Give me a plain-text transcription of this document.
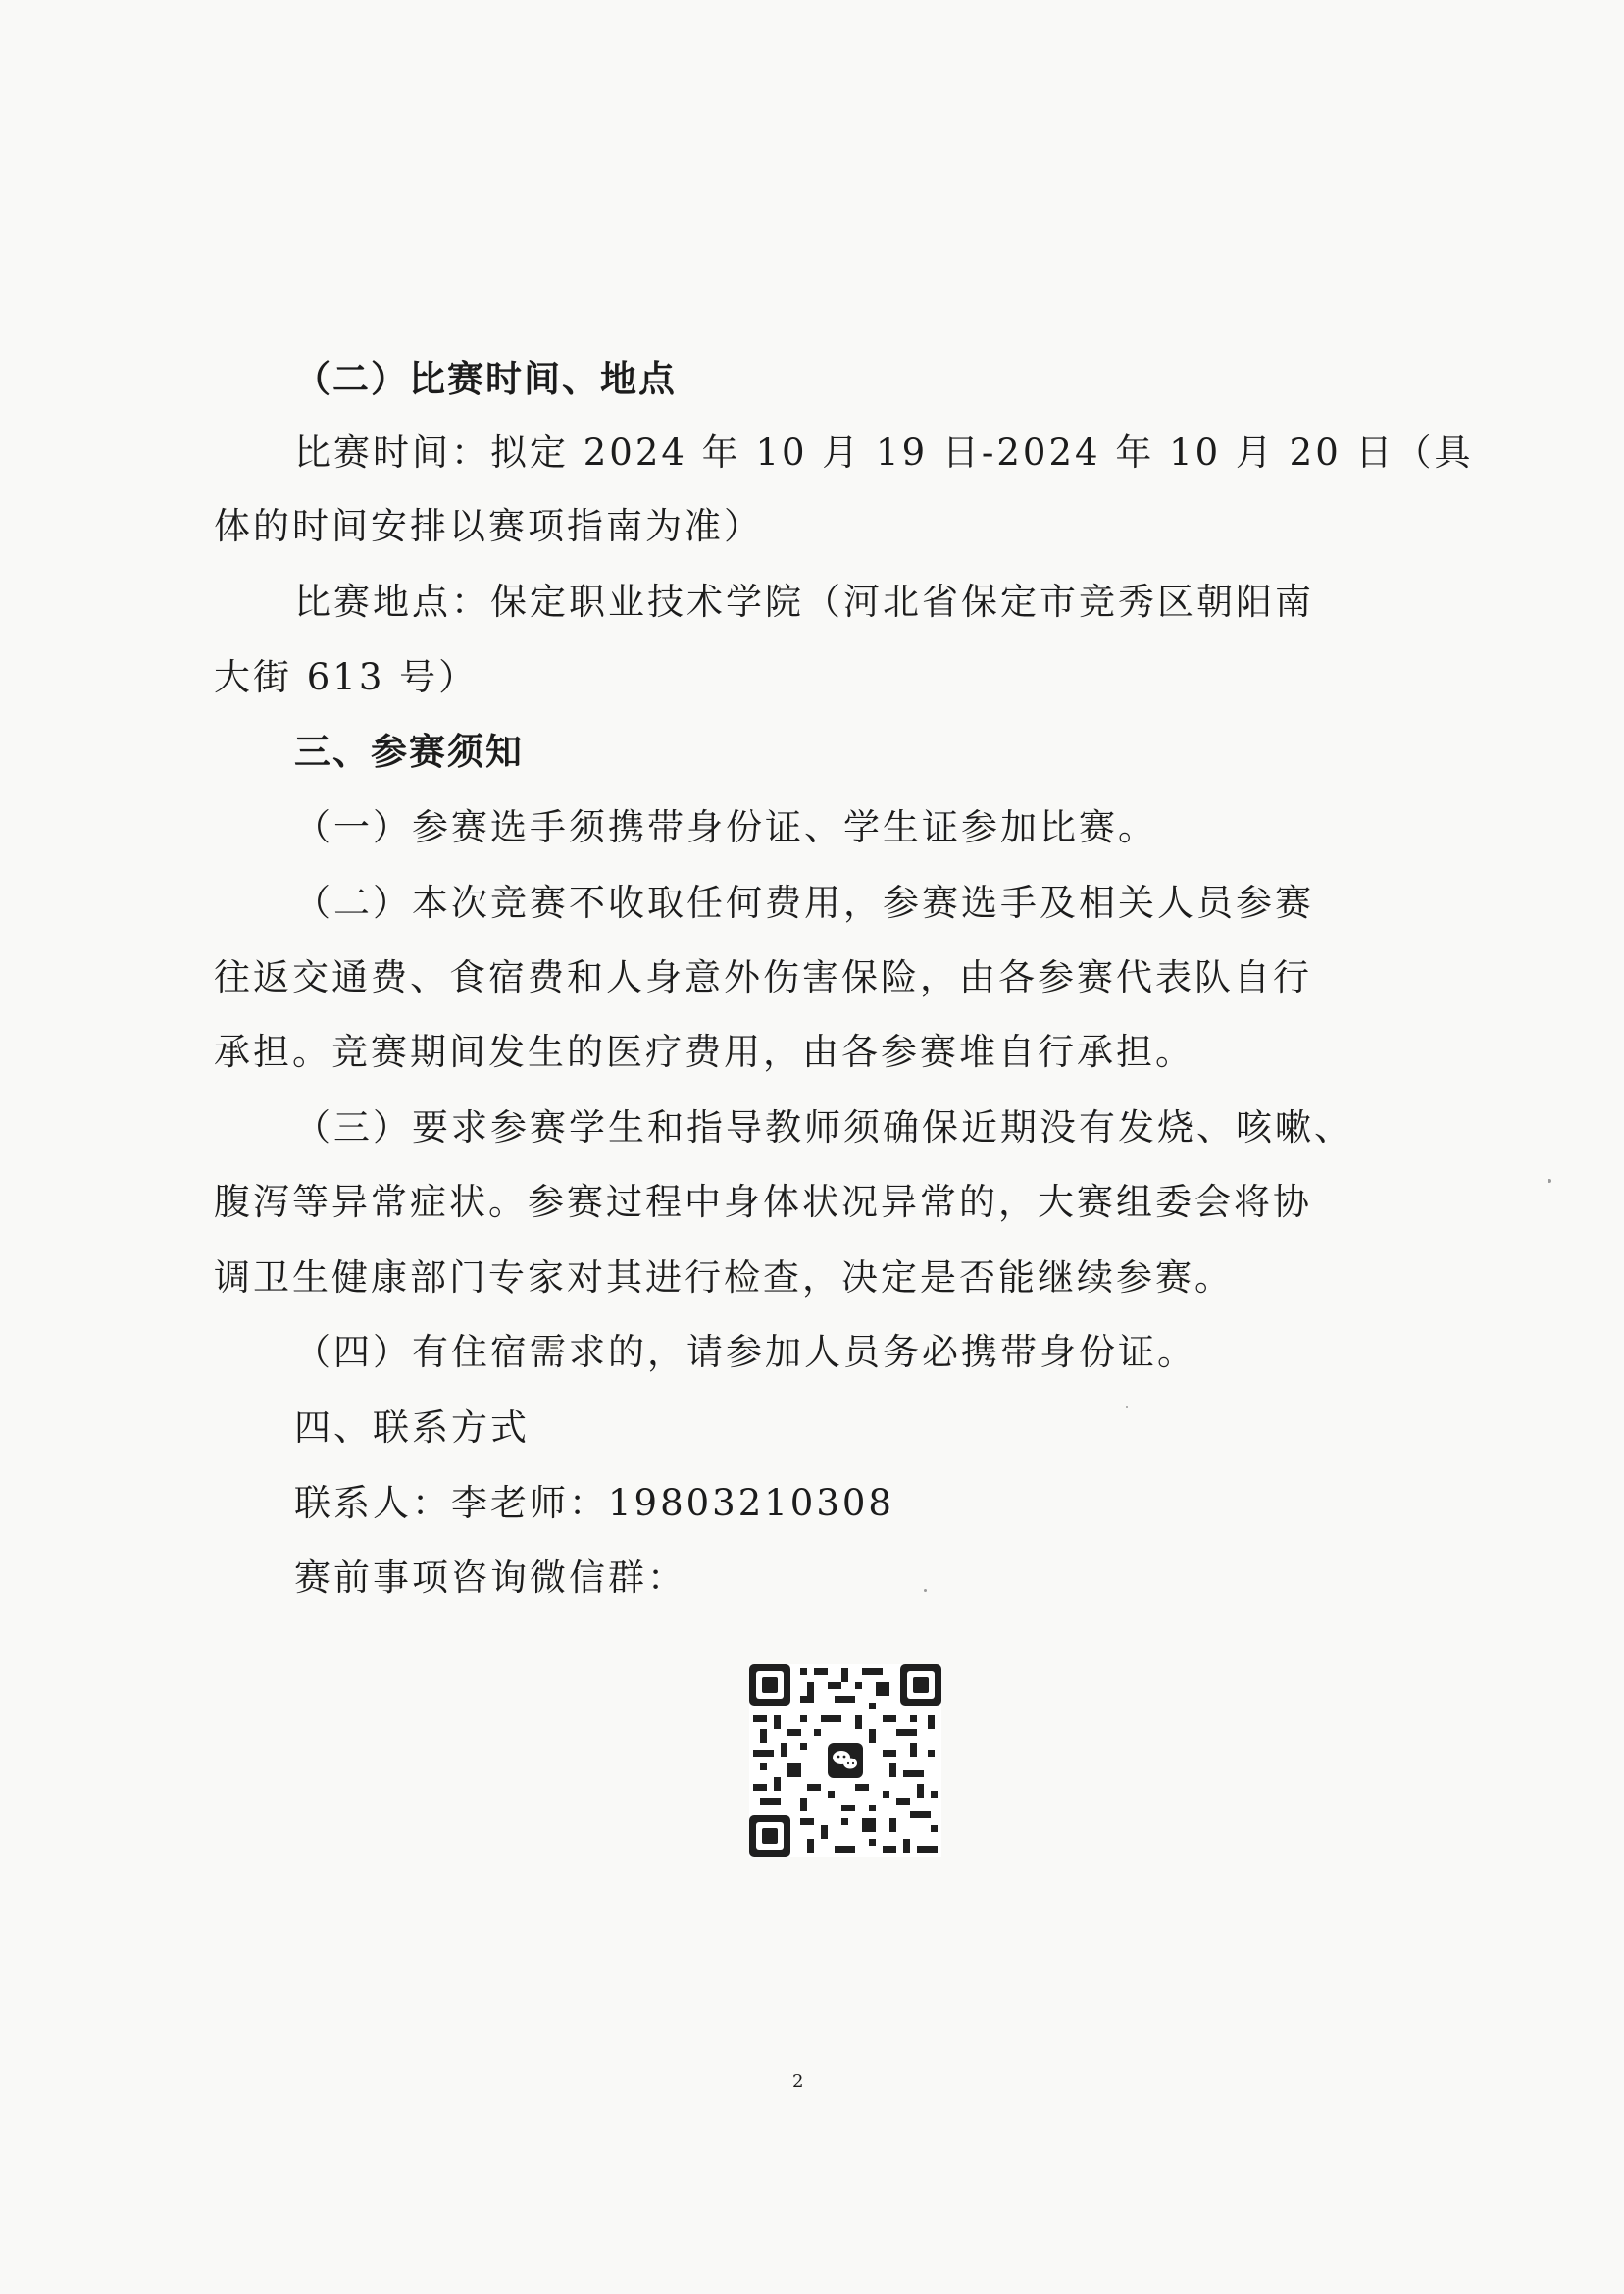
（二）比赛时间、地点
比赛时间：拟定 2024 年 10 月 19 日-2024 年 10 月 20 日（具
体的时间安排以赛项指南为准）
比赛地点：保定职业技术学院（河北省保定市竞秀区朝阳南
大街 613 号）
三、参赛须知
（一）参赛选手须携带身份证、学生证参加比赛。
（二）本次竞赛不收取任何费用，参赛选手及相关人员参赛
往返交通费、食宿费和人身意外伤害保险，由各参赛代表队自行
承担。竞赛期间发生的医疗费用，由各参赛堆自行承担。
（三）要求参赛学生和指导教师须确保近期没有发烧、咳嗽、
腹泻等异常症状。参赛过程中身体状况异常的，大赛组委会将协
调卫生健康部门专家对其进行检查，决定是否能继续参赛。
（四）有住宿需求的，请参加人员务必携带身份证。
四、联系方式
联系人：李老师：19803210308
赛前事项咨询微信群：
2
